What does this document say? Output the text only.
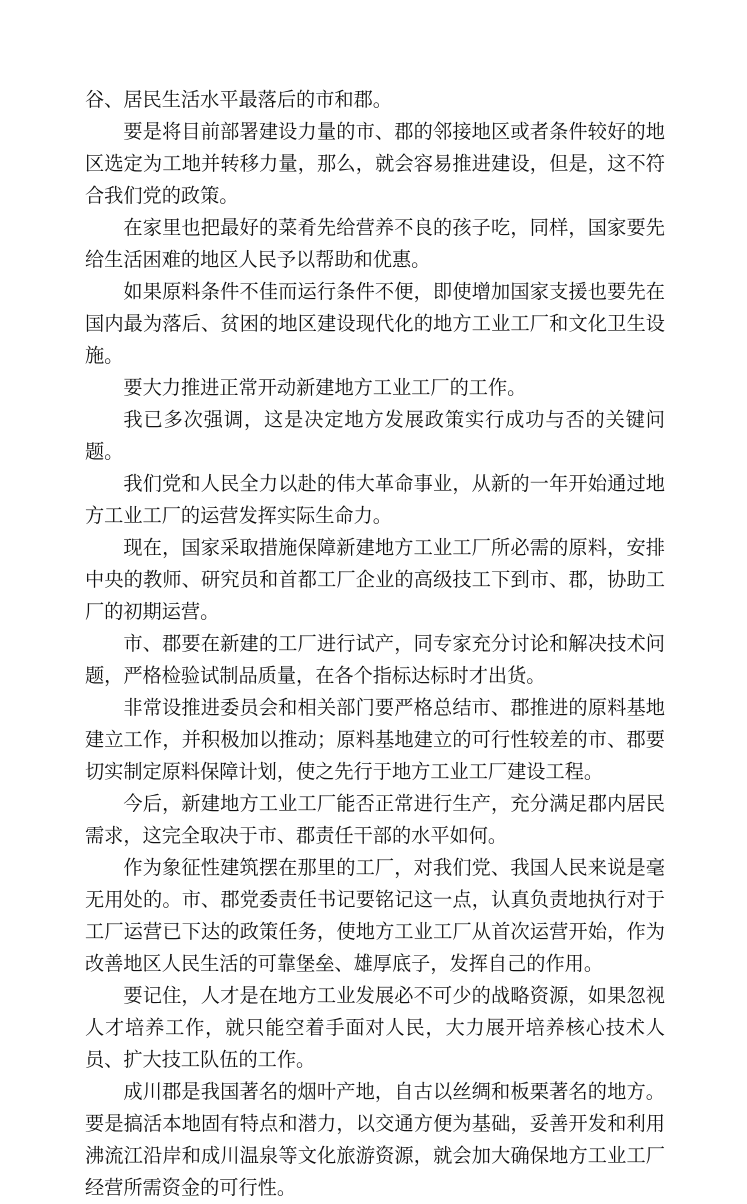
谷、居民生活水平最落后的市和郡。

要是将目前部署建设力量的市、郡的邻接地区或者条件较好的地区选定为工地并转移力量，那么，就会容易推进建设，但是，这不符合我们党的政策。

在家里也把最好的菜肴先给营养不良的孩子吃，同样，国家要先给生活困难的地区人民予以帮助和优惠。

如果原料条件不佳而运行条件不便，即使增加国家支援也要先在国内最为落后、贫困的地区建设现代化的地方工业工厂和文化卫生设施。

要大力推进正常开动新建地方工业工厂的工作。

我已多次强调，这是决定地方发展政策实行成功与否的关键问题。

我们党和人民全力以赴的伟大革命事业，从新的一年开始通过地方工业工厂的运营发挥实际生命力。

现在，国家采取措施保障新建地方工业工厂所必需的原料，安排中央的教师、研究员和首都工厂企业的高级技工下到市、郡，协助工厂的初期运营。

市、郡要在新建的工厂进行试产，同专家充分讨论和解决技术问题，严格检验试制品质量，在各个指标达标时才出货。

非常设推进委员会和相关部门要严格总结市、郡推进的原料基地建立工作，并积极加以推动；原料基地建立的可行性较差的市、郡要切实制定原料保障计划，使之先行于地方工业工厂建设工程。

今后，新建地方工业工厂能否正常进行生产，充分满足郡内居民需求，这完全取决于市、郡责任干部的水平如何。

作为象征性建筑摆在那里的工厂，对我们党、我国人民来说是毫无用处的。市、郡党委责任书记要铭记这一点，认真负责地执行对于工厂运营已下达的政策任务，使地方工业工厂从首次运营开始，作为改善地区人民生活的可靠堡垒、雄厚底子，发挥自己的作用。

要记住，人才是在地方工业发展必不可少的战略资源，如果忽视人才培养工作，就只能空着手面对人民，大力展开培养核心技术人员、扩大技工队伍的工作。

成川郡是我国著名的烟叶产地，自古以丝绸和板栗著名的地方。要是搞活本地固有特点和潜力，以交通方便为基础，妥善开发和利用沸流江沿岸和成川温泉等文化旅游资源，就会加大确保地方工业工厂经营所需资金的可行性。
